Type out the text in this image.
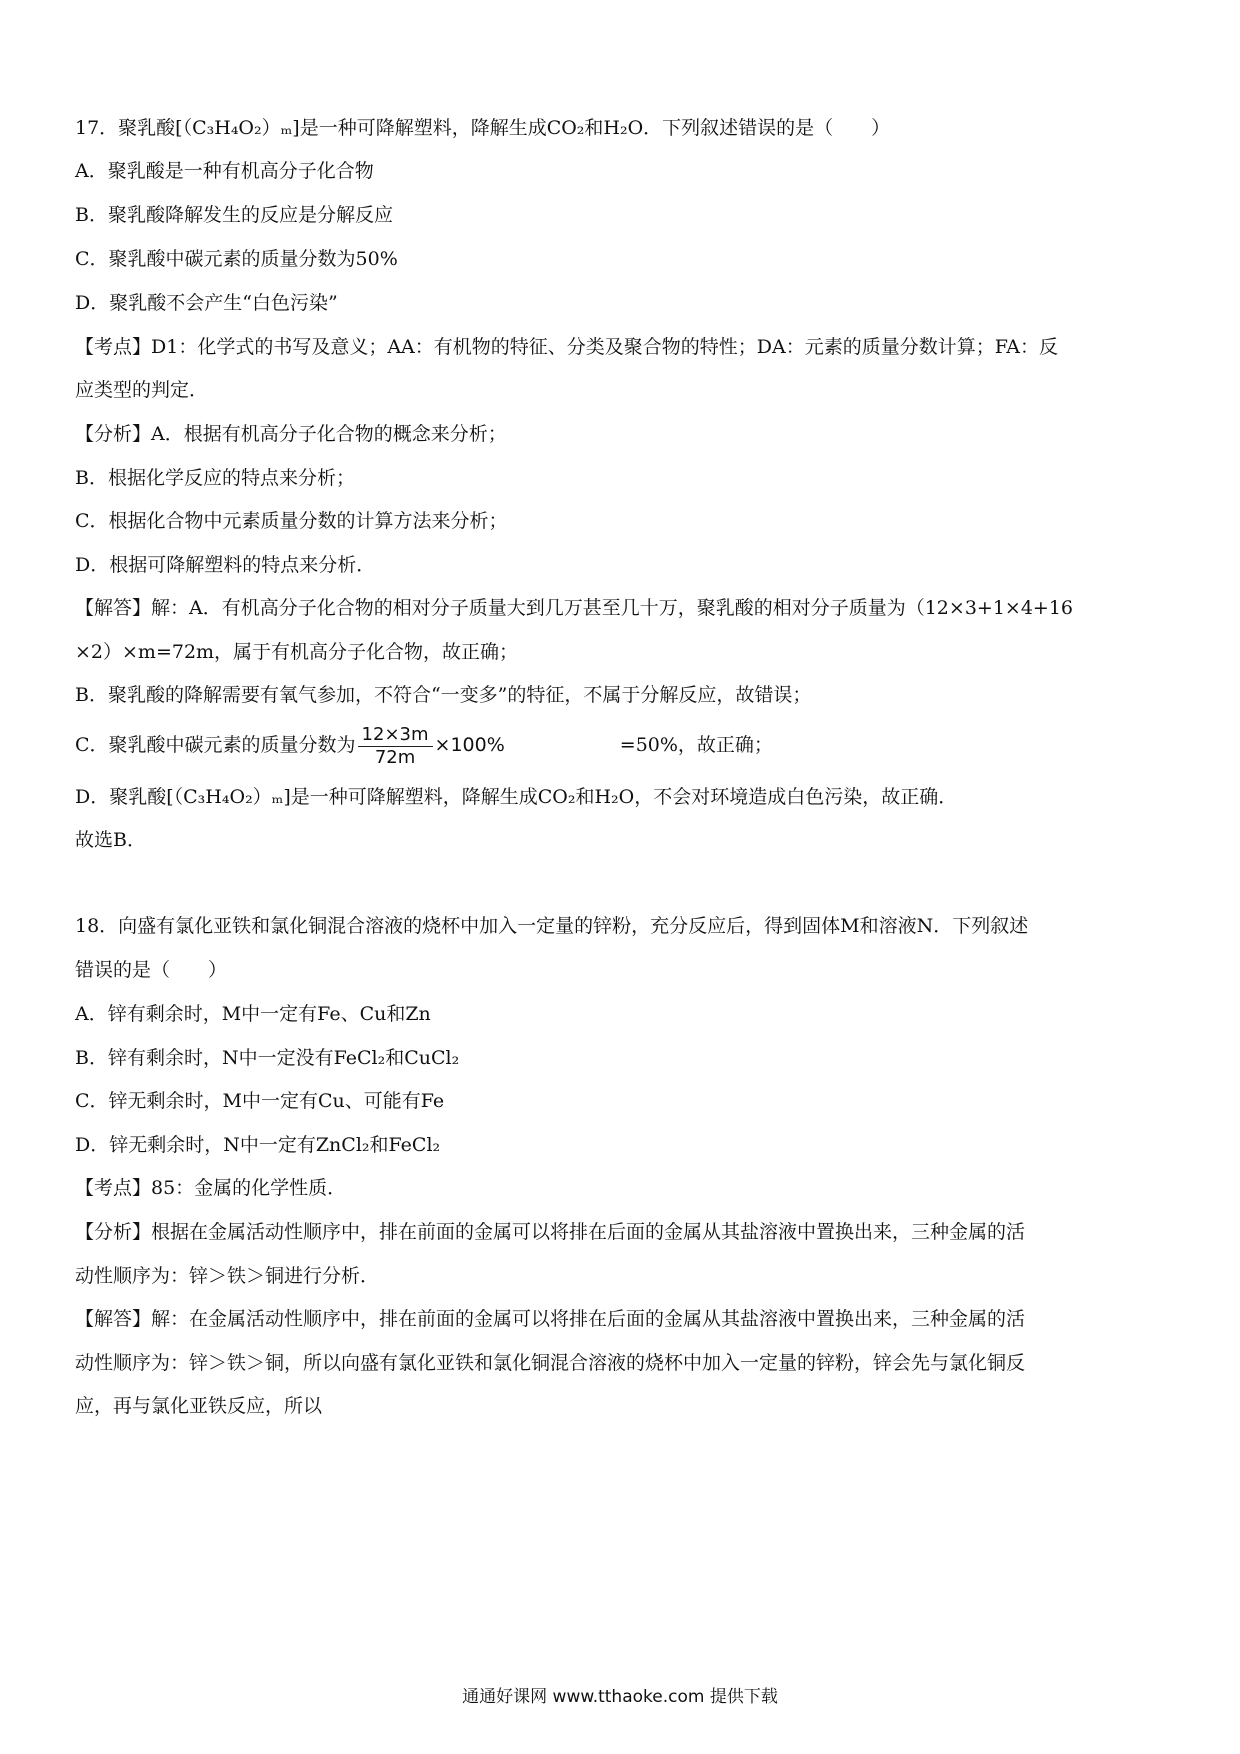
17．聚乳酸[（C₃H₄O₂）ₘ]是一种可降解塑料，降解生成CO₂和H₂O．下列叙述错误的是（　　）
A．聚乳酸是一种有机高分子化合物
B．聚乳酸降解发生的反应是分解反应
C．聚乳酸中碳元素的质量分数为50%
D．聚乳酸不会产生“白色污染”
【考点】D1：化学式的书写及意义；AA：有机物的特征、分类及聚合物的特性；DA：元素的质量分数计算；FA：反
应类型的判定．
【分析】A．根据有机高分子化合物的概念来分析；
B．根据化学反应的特点来分析；
C．根据化合物中元素质量分数的计算方法来分析；
D．根据可降解塑料的特点来分析．
【解答】解：A．有机高分子化合物的相对分子质量大到几万甚至几十万，聚乳酸的相对分子质量为（12×3+1×4+16
×2）×m=72m，属于有机高分子化合物，故正确；
B．聚乳酸的降解需要有氧气参加，不符合“一变多”的特征，不属于分解反应，故错误；
C．聚乳酸中碳元素的质量分数为 $\frac{12\times 3m}{72m} \times 100\%$	=50%，故正确；
D．聚乳酸[（C₃H₄O₂）ₘ]是一种可降解塑料，降解生成CO₂和H₂O，不会对环境造成白色污染，故正确．
故选B．
18．向盛有氯化亚铁和氯化铜混合溶液的烧杯中加入一定量的锌粉，充分反应后，得到固体M和溶液N．下列叙述
错误的是（　　）
A．锌有剩余时，M中一定有Fe、Cu和Zn
B．锌有剩余时，N中一定没有FeCl₂和CuCl₂
C．锌无剩余时，M中一定有Cu、可能有Fe
D．锌无剩余时，N中一定有ZnCl₂和FeCl₂
【考点】85：金属的化学性质．
【分析】根据在金属活动性顺序中，排在前面的金属可以将排在后面的金属从其盐溶液中置换出来，三种金属的活
动性顺序为：锌＞铁＞铜进行分析．
【解答】解：在金属活动性顺序中，排在前面的金属可以将排在后面的金属从其盐溶液中置换出来，三种金属的活
动性顺序为：锌＞铁＞铜，所以向盛有氯化亚铁和氯化铜混合溶液的烧杯中加入一定量的锌粉，锌会先与氯化铜反
应，再与氯化亚铁反应，所以
通通好课网 www.tthaoke.com 提供下载
